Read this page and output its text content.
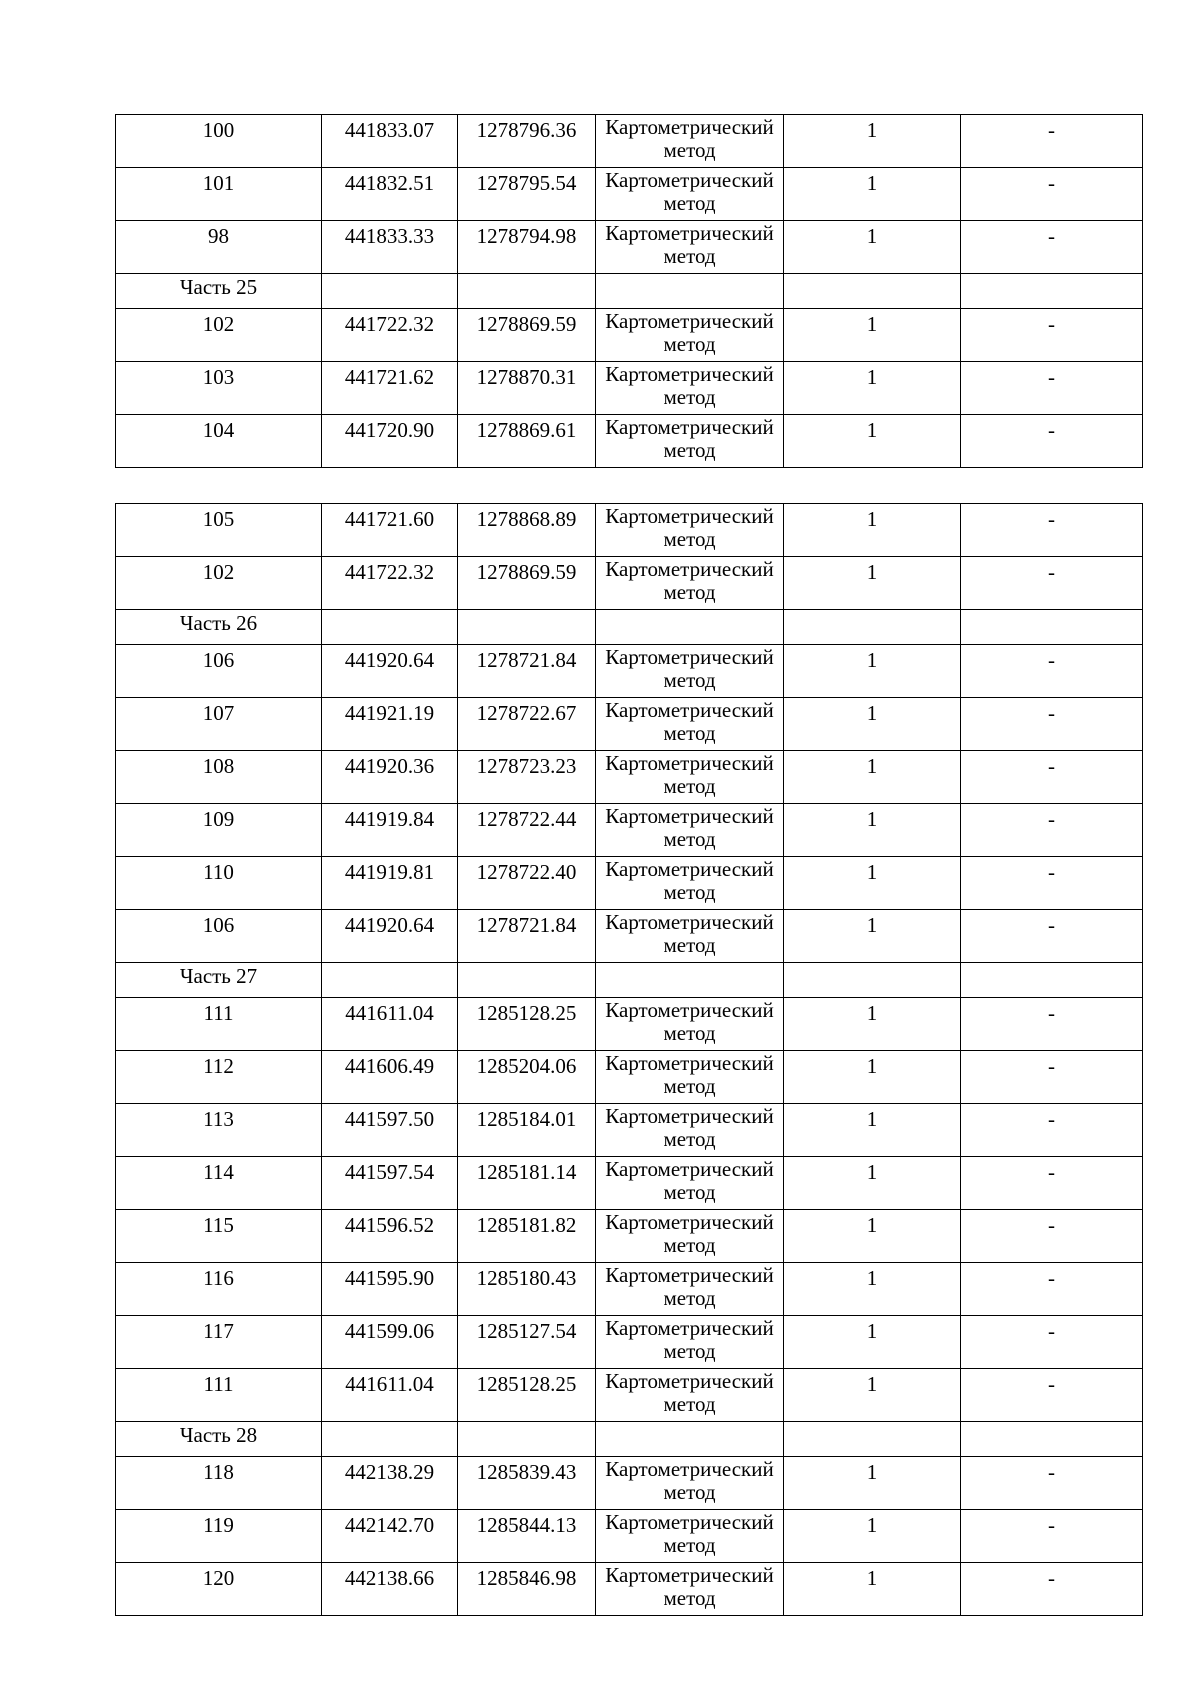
100	441833.07	1278796.36	Картометрический метод	1	-
101	441832.51	1278795.54	Картометрический метод	1	-
98	441833.33	1278794.98	Картометрический метод	1	-
Часть 25					
102	441722.32	1278869.59	Картометрический метод	1	-
103	441721.62	1278870.31	Картометрический метод	1	-
104	441720.90	1278869.61	Картометрический метод	1	-
105	441721.60	1278868.89	Картометрический метод	1	-
102	441722.32	1278869.59	Картометрический метод	1	-
Часть 26					
106	441920.64	1278721.84	Картометрический метод	1	-
107	441921.19	1278722.67	Картометрический метод	1	-
108	441920.36	1278723.23	Картометрический метод	1	-
109	441919.84	1278722.44	Картометрический метод	1	-
110	441919.81	1278722.40	Картометрический метод	1	-
106	441920.64	1278721.84	Картометрический метод	1	-
Часть 27					
111	441611.04	1285128.25	Картометрический метод	1	-
112	441606.49	1285204.06	Картометрический метод	1	-
113	441597.50	1285184.01	Картометрический метод	1	-
114	441597.54	1285181.14	Картометрический метод	1	-
115	441596.52	1285181.82	Картометрический метод	1	-
116	441595.90	1285180.43	Картометрический метод	1	-
117	441599.06	1285127.54	Картометрический метод	1	-
111	441611.04	1285128.25	Картометрический метод	1	-
Часть 28					
118	442138.29	1285839.43	Картометрический метод	1	-
119	442142.70	1285844.13	Картометрический метод	1	-
120	442138.66	1285846.98	Картометрический метод	1	-
